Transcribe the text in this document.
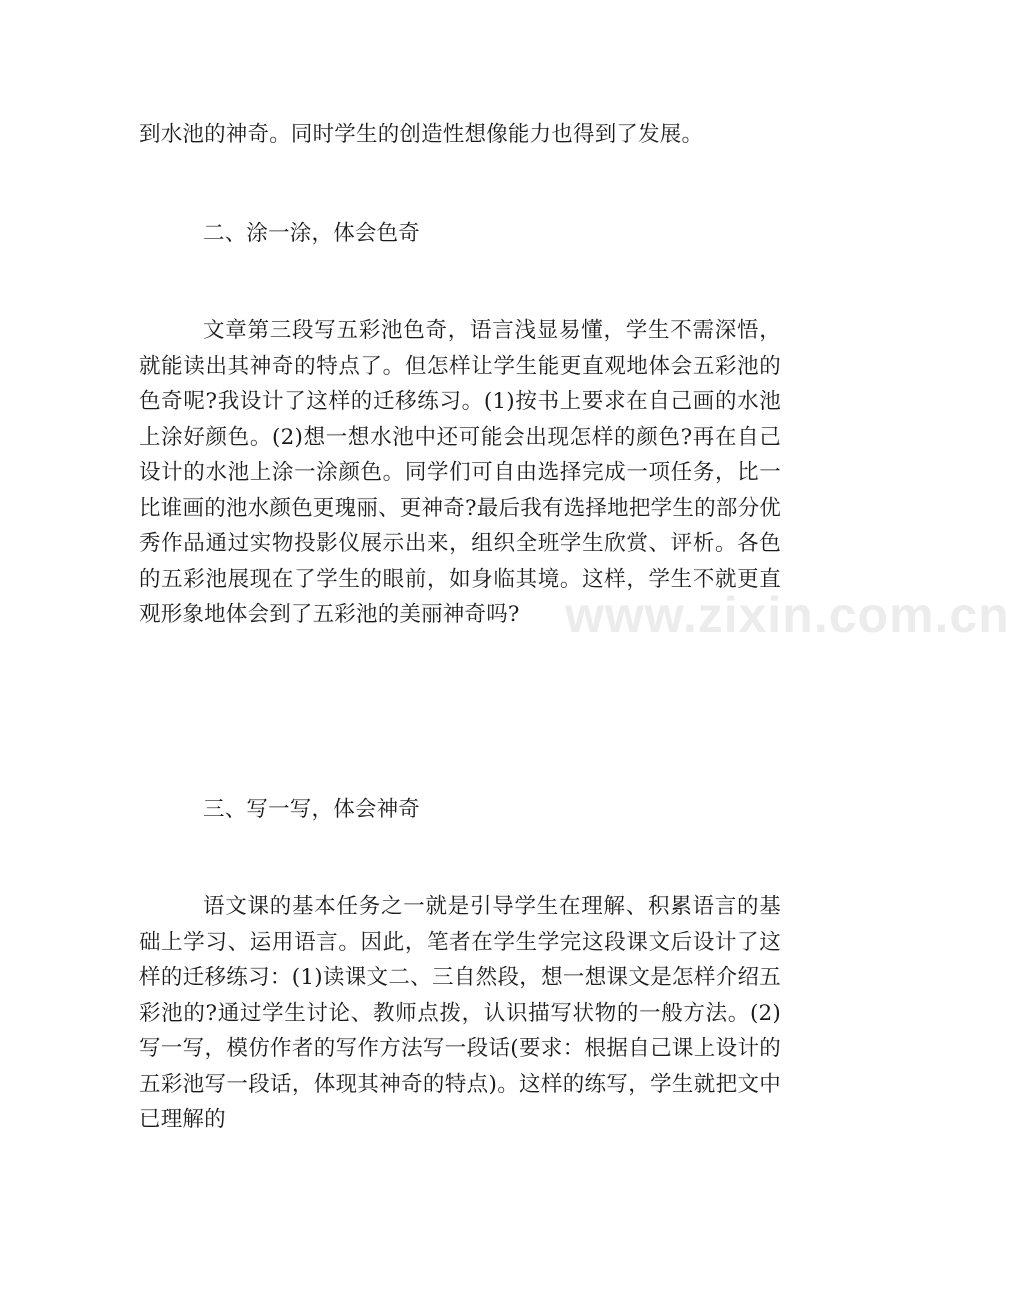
到水池的神奇。同时学生的创造性想像能力也得到了发展。

二、涂一涂，体会色奇

文章第三段写五彩池色奇，语言浅显易懂，学生不需深悟，就能读出其神奇的特点了。但怎样让学生能更直观地体会五彩池的色奇呢?我设计了这样的迁移练习。(1)按书上要求在自己画的水池上涂好颜色。(2)想一想水池中还可能会出现怎样的颜色?再在自己设计的水池上涂一涂颜色。同学们可自由选择完成一项任务，比一比谁画的池水颜色更瑰丽、更神奇?最后我有选择地把学生的部分优秀作品通过实物投影仪展示出来，组织全班学生欣赏、评析。各色的五彩池展现在了学生的眼前，如身临其境。这样，学生不就更直观形象地体会到了五彩池的美丽神奇吗? www.zixin.com.cn

三、写一写，体会神奇

语文课的基本任务之一就是引导学生在理解、积累语言的基础上学习、运用语言。因此，笔者在学生学完这段课文后设计了这样的迁移练习：(1)读课文二、三自然段，想一想课文是怎样介绍五彩池的?通过学生讨论、教师点拨，认识描写状物的一般方法。(2)写一写，模仿作者的写作方法写一段话(要求：根据自己课上设计的五彩池写一段话，体现其神奇的特点)。这样的练写，学生就把文中已理解的
